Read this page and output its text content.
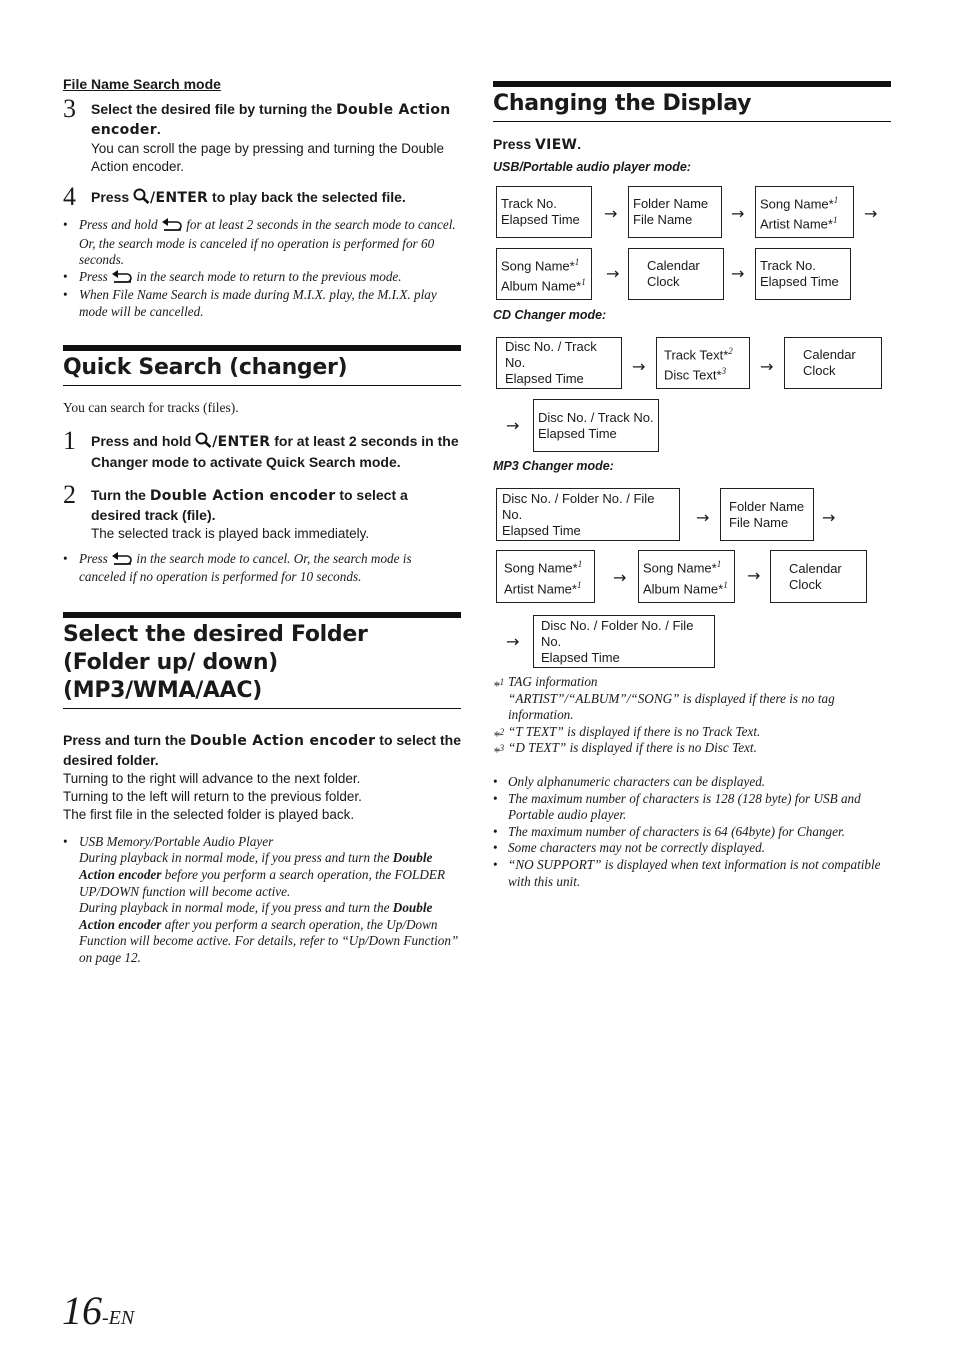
File Name Search mode
3 Select the desired file by turning the Double Action encoder.
You can scroll the page by pressing and turning the Double Action encoder.
4 Press /ENTER to play back the selected file.
• Press and hold  for at least 2 seconds in the search mode to cancel. Or, the search mode is canceled if no operation is performed for 60 seconds.
• Press  in the search mode to return to the previous mode.
• When File Name Search is made during M.I.X. play, the M.I.X. play mode will be cancelled.
Quick Search (changer)
You can search for tracks (files).
1 Press and hold /ENTER for at least 2 seconds in the Changer mode to activate Quick Search mode.
2 Turn the Double Action encoder to select a desired track (file).
The selected track is played back immediately.
• Press  in the search mode to cancel. Or, the search mode is canceled if no operation is performed for 10 seconds.
Select the desired Folder (Folder up/ down) (MP3/WMA/AAC)
Press and turn the Double Action encoder to select the desired folder.
Turning to the right will advance to the next folder.
Turning to the left will return to the previous folder.
The first file in the selected folder is played back.
• USB Memory/Portable Audio Player
During playback in normal mode, if you press and turn the Double Action encoder before you perform a search operation, the FOLDER UP/DOWN function will become active.
During playback in normal mode, if you press and turn the Double Action encoder after you perform a search operation, the Up/Down Function will become active. For details, refer to “Up/Down Function” on page 12.
Changing the Display
Press VIEW.
USB/Portable audio player mode:
Track No.
Elapsed Time	→
Folder Name
File Name	→
Song Name*$^1$
Artist Name*$^1$	→
Song Name*$^1$
Album Name*$^1$ → Calendar
Clock	→ Track No.
Elapsed Time
CD Changer mode:
Disc No. / Track No.
Elapsed Time
→
Track Text*$^2$
Disc Text*$^3$	→
Calendar
Clock
→ Disc No. / Track No.
Elapsed Time
MP3 Changer mode:
Disc No. / Folder No. / File No.
Elapsed Time
→
Folder Name
File Name	→
Song Name*$^1$
Artist Name*$^1$	→ Song Name*$^1$
Album Name*$^1$ → Calendar
Clock
→
Disc No. / Folder No. / File No.
Elapsed Time
*$^1$ TAG information
“ARTIST”/“ALBUM”/“SONG” is displayed if there is no tag information.
*$^2$ “T TEXT” is displayed if there is no Track Text.
*$^3$ “D TEXT” is displayed if there is no Disc Text.
• Only alphanumeric characters can be displayed.
• The maximum number of characters is 128 (128 byte) for USB and Portable audio player.
• The maximum number of characters is 64 (64byte) for Changer.
• Some characters may not be correctly displayed.
• “NO SUPPORT” is displayed when text information is not compatible with this unit.
16-EN
